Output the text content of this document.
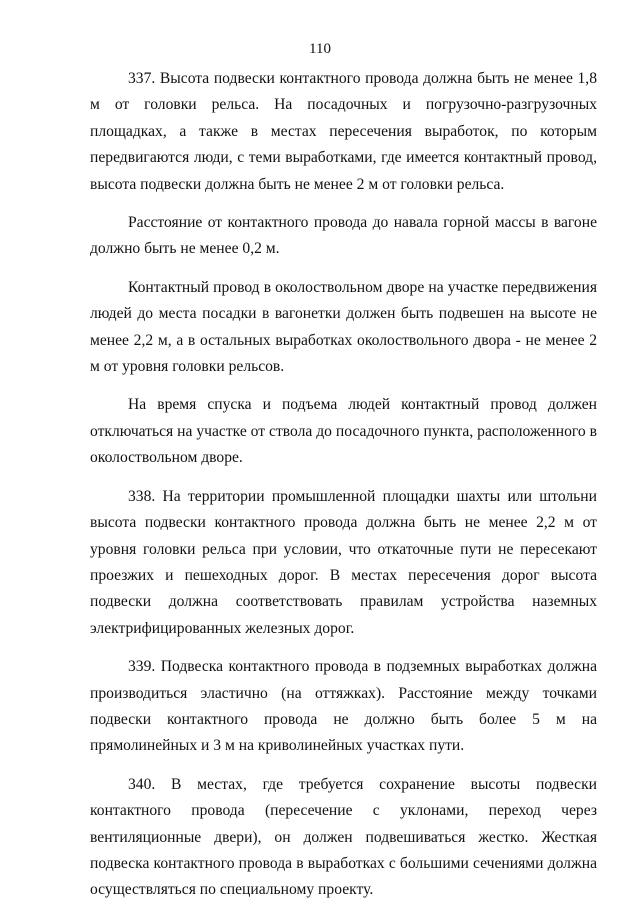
110

337. Высота подвески контактного провода должна быть не менее 1,8 м от головки рельса. На посадочных и погрузочно-разгрузочных площадках, а также в местах пересечения выработок, по которым передвигаются люди, с теми выработками, где имеется контактный провод, высота подвески должна быть не менее 2 м от головки рельса.

Расстояние от контактного провода до навала горной массы в вагоне должно быть не менее 0,2 м.

Контактный провод в околоствольном дворе на участке передвижения людей до места посадки в вагонетки должен быть подвешен на высоте не менее 2,2 м, а в остальных выработках околоствольного двора - не менее 2 м от уровня головки рельсов.

На время спуска и подъема людей контактный провод должен отключаться на участке от ствола до посадочного пункта, расположенного в околоствольном дворе.

338. На территории промышленной площадки шахты или штольни высота подвески контактного провода должна быть не менее 2,2 м от уровня головки рельса при условии, что откаточные пути не пересекают проезжих и пешеходных дорог. В местах пересечения дорог высота подвески должна соответствовать правилам устройства наземных электрифицированных железных дорог.

339. Подвеска контактного провода в подземных выработках должна производиться эластично (на оттяжках). Расстояние между точками подвески контактного провода не должно быть более 5 м на прямолинейных и 3 м на криволинейных участках пути.

340. В местах, где требуется сохранение высоты подвески контактного провода (пересечение с уклонами, переход через вентиляционные двери), он должен подвешиваться жестко. Жесткая подвеска контактного провода в выработках с большими сечениями должна осуществляться по специальному проекту.
